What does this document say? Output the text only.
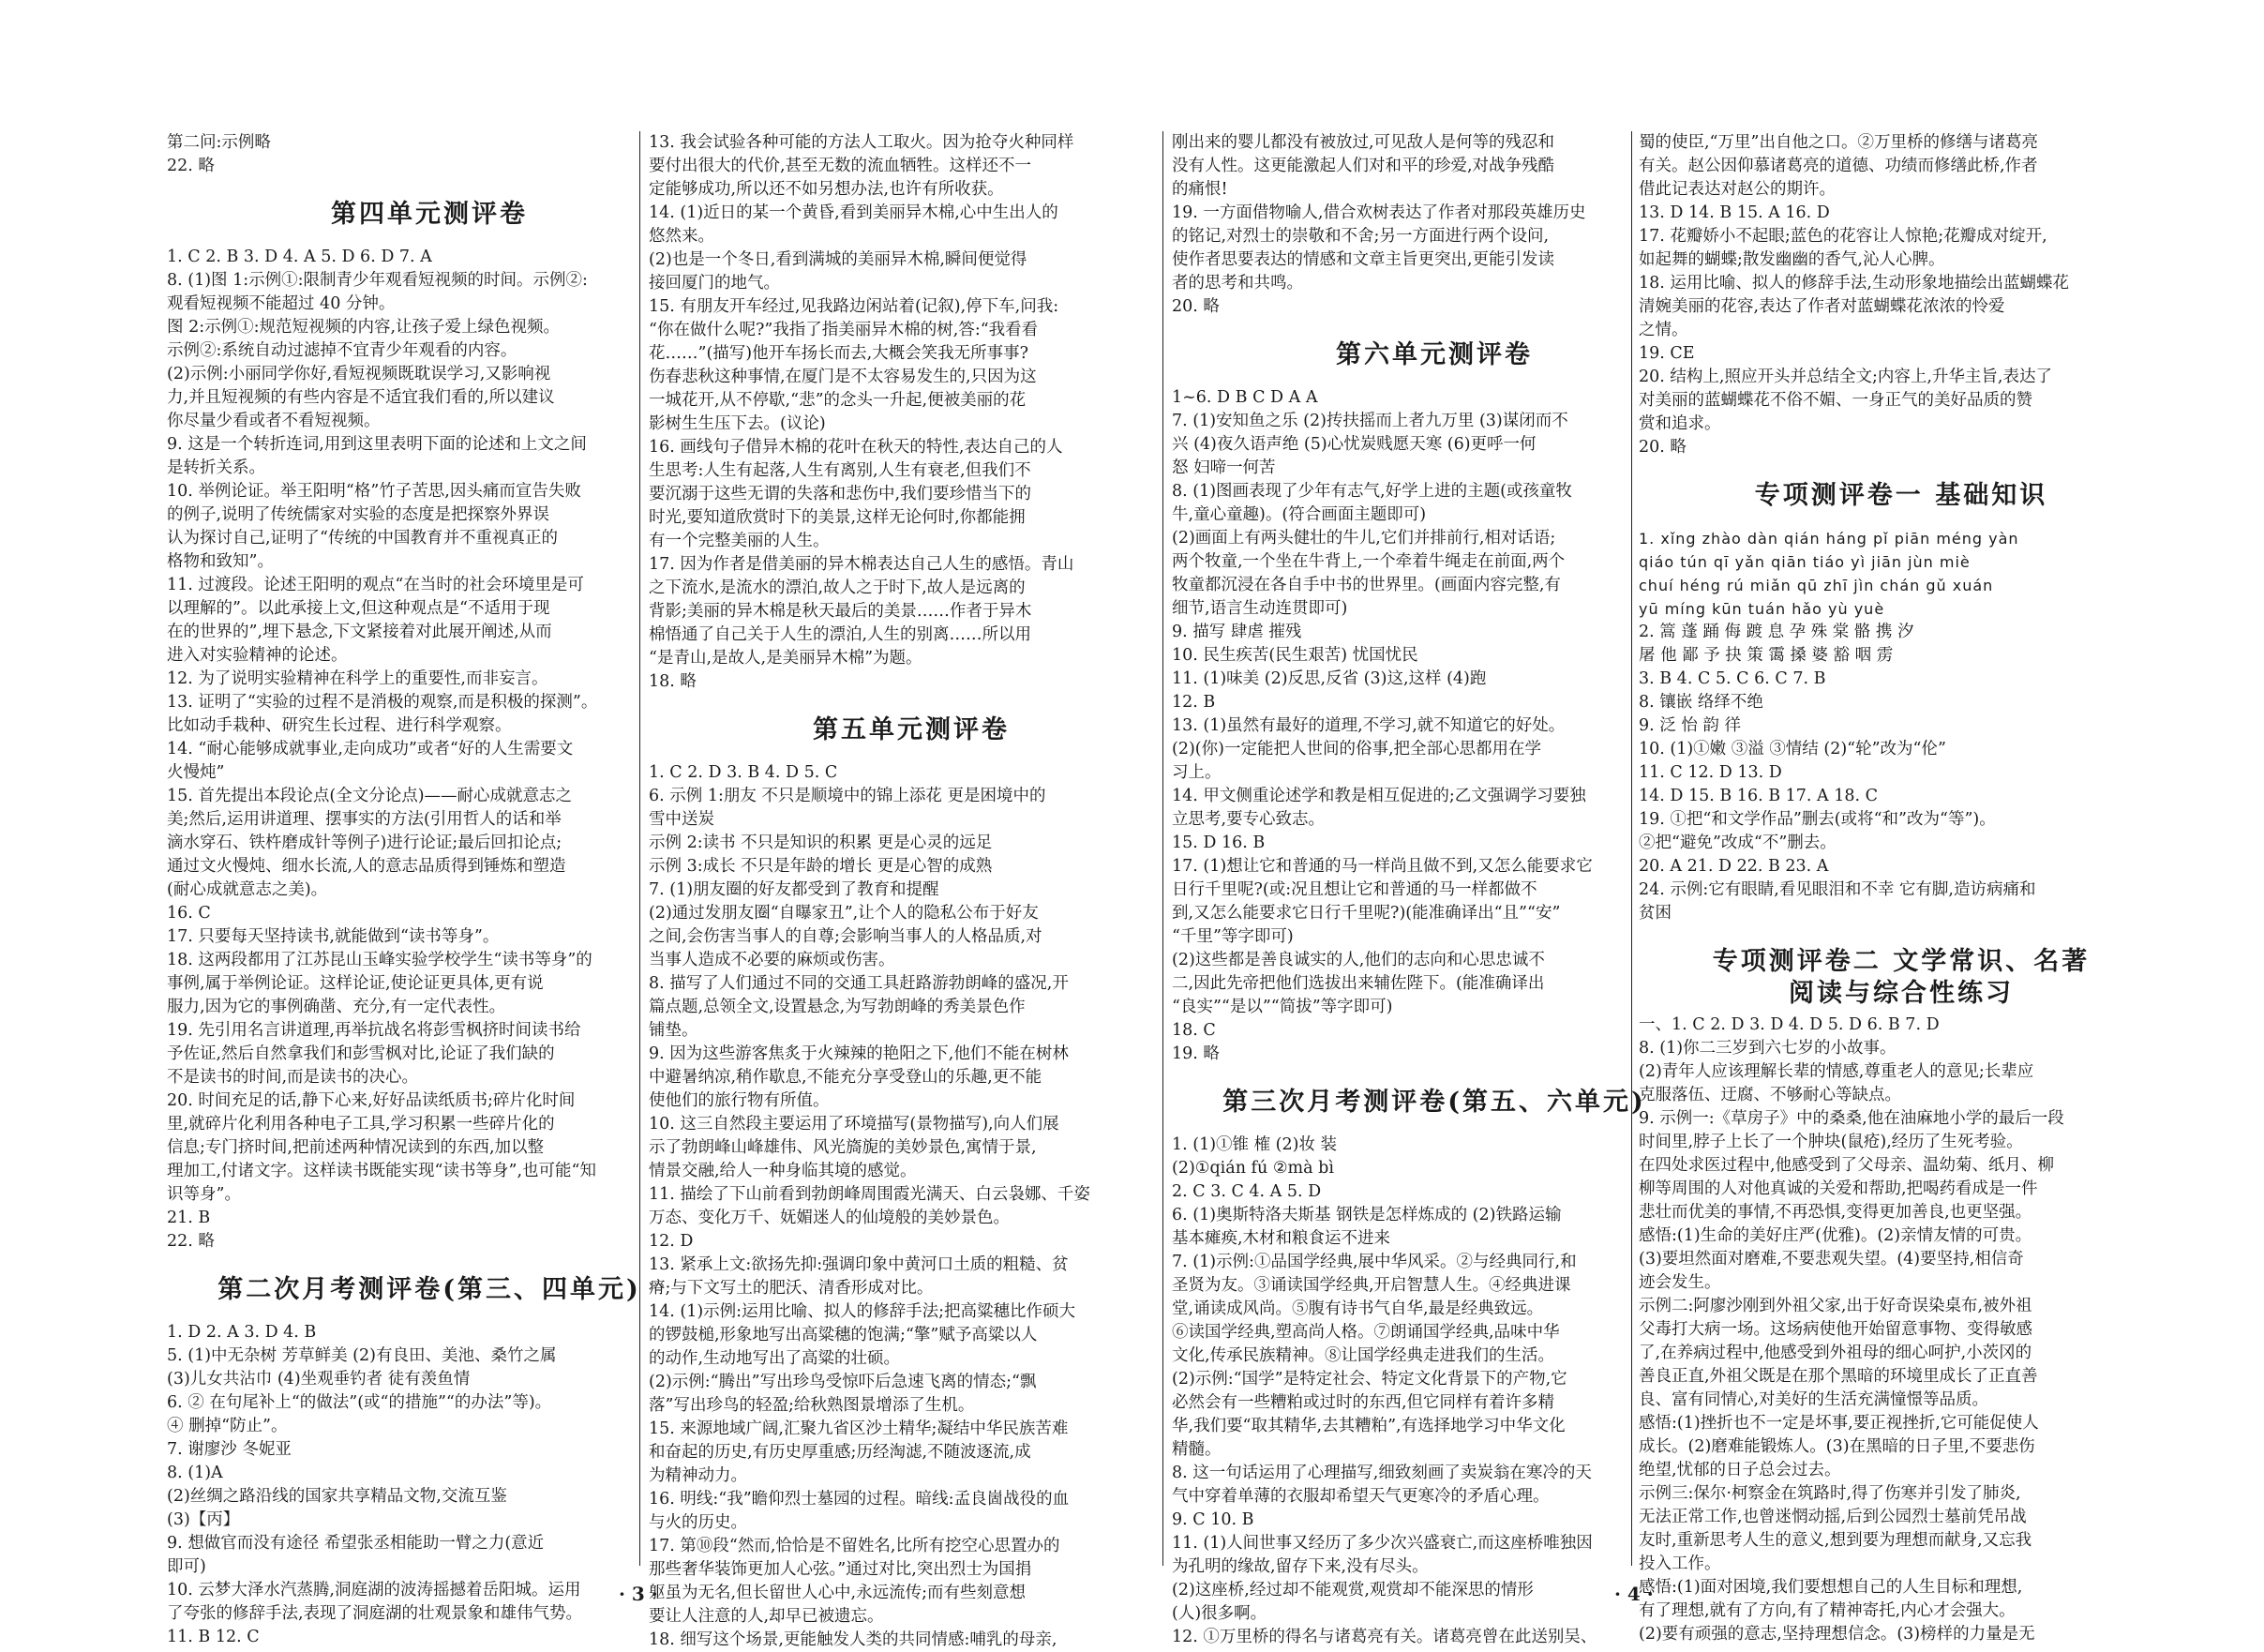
第二问:示例略
22. 略
第四单元测评卷
1. C 2. B 3. D 4. A 5. D 6. D 7. A
8. (1)图 1:示例①:限制青少年观看短视频的时间。示例②:
观看短视频不能超过 40 分钟。
图 2:示例①:规范短视频的内容,让孩子爱上绿色视频。
示例②:系统自动过滤掉不宜青少年观看的内容。
(2)示例:小丽同学你好,看短视频既耽误学习,又影响视
力,并且短视频的有些内容是不适宜我们看的,所以建议
你尽量少看或者不看短视频。
9. 这是一个转折连词,用到这里表明下面的论述和上文之间
是转折关系。
10. 举例论证。举王阳明“格”竹子苦思,因头痛而宣告失败
的例子,说明了传统儒家对实验的态度是把探察外界误
认为探讨自己,证明了“传统的中国教育并不重视真正的
格物和致知”。
11. 过渡段。论述王阳明的观点“在当时的社会环境里是可
以理解的”。以此承接上文,但这种观点是“不适用于现
在的世界的”,埋下悬念,下文紧接着对此展开阐述,从而
进入对实验精神的论述。
12. 为了说明实验精神在科学上的重要性,而非妄言。
13. 证明了“实验的过程不是消极的观察,而是积极的探测”。
比如动手栽种、研究生长过程、进行科学观察。
14. “耐心能够成就事业,走向成功”或者“好的人生需要文
火慢炖”
15. 首先提出本段论点(全文分论点)——耐心成就意志之
美;然后,运用讲道理、摆事实的方法(引用哲人的话和举
滴水穿石、铁杵磨成针等例子)进行论证;最后回扣论点;
通过文火慢炖、细水长流,人的意志品质得到锤炼和塑造
(耐心成就意志之美)。
16. C
17. 只要每天坚持读书,就能做到“读书等身”。
18. 这两段都用了江苏昆山玉峰实验学校学生“读书等身”的
事例,属于举例论证。这样论证,使论证更具体,更有说
服力,因为它的事例确凿、充分,有一定代表性。
19. 先引用名言讲道理,再举抗战名将彭雪枫挤时间读书给
予佐证,然后自然拿我们和彭雪枫对比,论证了我们缺的
不是读书的时间,而是读书的决心。
20. 时间充足的话,静下心来,好好品读纸质书;碎片化时间
里,就碎片化利用各种电子工具,学习积累一些碎片化的
信息;专门挤时间,把前述两种情况读到的东西,加以整
理加工,付诸文字。这样读书既能实现“读书等身”,也可能“知
识等身”。
21. B
22. 略
第二次月考测评卷(第三、四单元)
1. D 2. A 3. D 4. B
5. (1)中无杂树 芳草鲜美 (2)有良田、美池、桑竹之属
(3)儿女共沾巾 (4)坐观垂钓者 徒有羡鱼情
6. ② 在句尾补上“的做法”(或“的措施”“的办法”等)。
④ 删掉“防止”。
7. 谢廖沙 冬妮亚
8. (1)A
(2)丝绸之路沿线的国家共享精品文物,交流互鉴
(3)【丙】
9. 想做官而没有途径 希望张丞相能助一臂之力(意近
即可)
10. 云梦大泽水汽蒸腾,洞庭湖的波涛摇撼着岳阳城。运用
了夸张的修辞手法,表现了洞庭湖的壮观景象和雄伟气势。
11. B 12. C
13. 我会试验各种可能的方法人工取火。因为抢夺火种同样
要付出很大的代价,甚至无数的流血牺牲。这样还不一
定能够成功,所以还不如另想办法,也许有所收获。
14. (1)近日的某一个黄昏,看到美丽异木棉,心中生出人的
悠然来。
(2)也是一个冬日,看到满城的美丽异木棉,瞬间便觉得
接回厦门的地气。
15. 有朋友开车经过,见我路边闲站着(记叙),停下车,问我:
“你在做什么呢?”我指了指美丽异木棉的树,答:“我看看
花……”(描写)他开车扬长而去,大概会笑我无所事事?
伤春悲秋这种事情,在厦门是不太容易发生的,只因为这
一城花开,从不停歇,“悲”的念头一升起,便被美丽的花
影树生生压下去。(议论)
16. 画线句子借异木棉的花叶在秋天的特性,表达自己的人
生思考:人生有起落,人生有离别,人生有衰老,但我们不
要沉溺于这些无谓的失落和悲伤中,我们要珍惜当下的
时光,要知道欣赏时下的美景,这样无论何时,你都能拥
有一个完整美丽的人生。
17. 因为作者是借美丽的异木棉表达自己人生的感悟。青山
之下流水,是流水的漂泊,故人之于时下,故人是远离的
背影;美丽的异木棉是秋天最后的美景……作者于异木
棉悟通了自己关于人生的漂泊,人生的别离……所以用
“是青山,是故人,是美丽异木棉”为题。
18. 略
第五单元测评卷
1. C 2. D 3. B 4. D 5. C
6. 示例 1:朋友 不只是顺境中的锦上添花 更是困境中的
雪中送炭
示例 2:读书 不只是知识的积累 更是心灵的远足
示例 3:成长 不只是年龄的增长 更是心智的成熟
7. (1)朋友圈的好友都受到了教育和提醒
(2)通过发朋友圈“自曝家丑”,让个人的隐私公布于好友
之间,会伤害当事人的自尊;会影响当事人的人格品质,对
当事人造成不必要的麻烦或伤害。
8. 描写了人们通过不同的交通工具赶路游勃朗峰的盛况,开
篇点题,总领全文,设置悬念,为写勃朗峰的秀美景色作
铺垫。
9. 因为这些游客焦炙于火辣辣的艳阳之下,他们不能在树林
中避暑纳凉,稍作歇息,不能充分享受登山的乐趣,更不能
使他们的旅行物有所值。
10. 这三自然段主要运用了环境描写(景物描写),向人们展
示了勃朗峰山峰雄伟、风光旖旎的美妙景色,寓情于景,
情景交融,给人一种身临其境的感觉。
11. 描绘了下山前看到勃朗峰周围霞光满天、白云袅娜、千姿
万态、变化万千、妩媚迷人的仙境般的美妙景色。
12. D
13. 紧承上文:欲扬先抑:强调印象中黄河口土质的粗糙、贫
瘠;与下文写土的肥沃、清香形成对比。
14. (1)示例:运用比喻、拟人的修辞手法;把高粱穗比作硕大
的锣鼓槌,形象地写出高粱穗的饱满;“擎”赋予高粱以人
的动作,生动地写出了高粱的壮硕。
(2)示例:“腾出”写出珍鸟受惊吓后急速飞离的情态;“飘
落”写出珍鸟的轻盈;给秋熟图景增添了生机。
15. 来源地域广阔,汇聚九省区沙土精华;凝结中华民族苦难
和奋起的历史,有历史厚重感;历经淘滤,不随波逐流,成
为精神动力。
16. 明线:“我”瞻仰烈士墓园的过程。暗线:孟良崮战役的血
与火的历史。
17. 第⑩段“然而,恰恰是不留姓名,比所有挖空心思置办的
那些奢华装饰更加人心弦。”通过对比,突出烈士为国捐
躯虽为无名,但长留世人心中,永远流传;而有些刻意想
要让人注意的人,却早已被遗忘。
18. 细写这个场景,更能触发人类的共同情感:哺乳的母亲,
刚出来的婴儿都没有被放过,可见敌人是何等的残忍和
没有人性。这更能激起人们对和平的珍爱,对战争残酷
的痛恨!
19. 一方面借物喻人,借合欢树表达了作者对那段英雄历史
的铭记,对烈士的崇敬和不舍;另一方面进行两个设问,
使作者思要表达的情感和文章主旨更突出,更能引发读
者的思考和共鸣。
20. 略
第六单元测评卷
1~6. D B C D A A
7. (1)安知鱼之乐 (2)抟扶摇而上者九万里 (3)谋闭而不
兴 (4)夜久语声绝 (5)心忧炭贱愿天寒 (6)更呼一何
怒 妇啼一何苦
8. (1)图画表现了少年有志气,好学上进的主题(或孩童牧
牛,童心童趣)。(符合画面主题即可)
(2)画面上有两头健壮的牛儿,它们并排前行,相对话语;
两个牧童,一个坐在牛背上,一个牵着牛绳走在前面,两个
牧童都沉浸在各自手中书的世界里。(画面内容完整,有
细节,语言生动连贯即可)
9. 描写 肆虐 摧残
10. 民生疾苦(民生艰苦) 忧国忧民
11. (1)味美 (2)反思,反省 (3)这,这样 (4)跑
12. B
13. (1)虽然有最好的道理,不学习,就不知道它的好处。
(2)(你)一定能把人世间的俗事,把全部心思都用在学
习上。
14. 甲文侧重论述学和教是相互促进的;乙文强调学习要独
立思考,要专心致志。
15. D 16. B
17. (1)想让它和普通的马一样尚且做不到,又怎么能要求它
日行千里呢?(或:况且想让它和普通的马一样都做不
到,又怎么能要求它日行千里呢?)(能准确译出“且”“安”
“千里”等字即可)
(2)这些都是善良诚实的人,他们的志向和心思忠诚不
二,因此先帝把他们选拔出来辅佐陛下。(能准确译出
“良实”“是以”“简拔”等字即可)
18. C
19. 略
第三次月考测评卷(第五、六单元)
1. (1)①锥 榷 (2)妆 装
(2)①qián fú ②mà bì
2. C 3. C 4. A 5. D
6. (1)奥斯特洛夫斯基 钢铁是怎样炼成的 (2)铁路运输
基本瘫痪,木材和粮食运不进来
7. (1)示例:①品国学经典,展中华风采。②与经典同行,和
圣贤为友。③诵读国学经典,开启智慧人生。④经典进课
堂,诵读成风尚。⑤腹有诗书气自华,最是经典致远。
⑥读国学经典,塑高尚人格。⑦朗诵国学经典,品味中华
文化,传承民族精神。⑧让国学经典走进我们的生活。
(2)示例:“国学”是特定社会、特定文化背景下的产物,它
必然会有一些糟粕或过时的东西,但它同样有着许多精
华,我们要“取其精华,去其糟粕”,有选择地学习中华文化
精髓。
8. 这一句话运用了心理描写,细致刻画了卖炭翁在寒冷的天
气中穿着单薄的衣服却希望天气更寒冷的矛盾心理。
9. C 10. B
11. (1)人间世事又经历了多少次兴盛衰亡,而这座桥唯独因
为孔明的缘故,留存下来,没有尽头。
(2)这座桥,经过却不能观赏,观赏却不能深思的情形
(人)很多啊。
12. ①万里桥的得名与诸葛亮有关。诸葛亮曾在此送别吴、
蜀的使臣,“万里”出自他之口。②万里桥的修缮与诸葛亮
有关。赵公因仰慕诸葛亮的道德、功绩而修缮此桥,作者
借此记表达对赵公的期许。
13. D 14. B 15. A 16. D
17. 花瓣娇小不起眼;蓝色的花容让人惊艳;花瓣成对绽开,
如起舞的蝴蝶;散发幽幽的香气,沁人心脾。
18. 运用比喻、拟人的修辞手法,生动形象地描绘出蓝蝴蝶花
清婉美丽的花容,表达了作者对蓝蝴蝶花浓浓的怜爱
之情。
19. CE
20. 结构上,照应开头并总结全文;内容上,升华主旨,表达了
对美丽的蓝蝴蝶花不俗不媚、一身正气的美好品质的赞
赏和追求。
20. 略
专项测评卷一 基础知识
1. xǐng zhào dàn qián háng pǐ piān méng yàn
qiáo tún qī yǎn qiān tiáo yì jiān jùn miè
chuí héng rú miǎn qū zhī jìn chán gǔ xuán
yū míng kūn tuán hǎo yù yuè
2. 篙 蓬 踊 侮 踱 息 孕 殊 棠 骼 携 汐
屠 他 鄙 予 抉 策 霭 搡 婆 豁 咽 雳
3. B 4. C 5. C 6. C 7. B
8. 镶嵌 络绎不绝
9. 泛 怡 韵 徉
10. (1)①嫩 ③溢 ③情结 (2)“轮”改为“伦”
11. C 12. D 13. D
14. D 15. B 16. B 17. A 18. C
19. ①把“和文学作品”删去(或将“和”改为“等”)。
②把“避免”改成“不”删去。
20. A 21. D 22. B 23. A
24. 示例:它有眼睛,看见眼泪和不幸 它有脚,造访病痛和
贫困
专项测评卷二 文学常识、名著
阅读与综合性练习
一、1. C 2. D 3. D 4. D 5. D 6. B 7. D
8. (1)你二三岁到六七岁的小故事。
(2)青年人应该理解长辈的情感,尊重老人的意见;长辈应
克服落伍、迂腐、不够耐心等缺点。
9. 示例一:《草房子》中的桑桑,他在油麻地小学的最后一段
时间里,脖子上长了一个肿块(鼠疮),经历了生死考验。
在四处求医过程中,他感受到了父母亲、温幼菊、纸月、柳
柳等周围的人对他真诚的关爱和帮助,把喝药看成是一件
悲壮而优美的事情,不再恐惧,变得更加善良,也更坚强。
感悟:(1)生命的美好庄严(优雅)。(2)亲情友情的可贵。
(3)要坦然面对磨难,不要悲观失望。(4)要坚持,相信奇
迹会发生。
示例二:阿廖沙刚到外祖父家,出于好奇误染桌布,被外祖
父毒打大病一场。这场病使他开始留意事物、变得敏感
了,在养病过程中,他感受到外祖母的细心呵护,小茨冈的
善良正直,外祖父既是在那个黑暗的环境里成长了正直善
良、富有同情心,对美好的生活充满憧憬等品质。
感悟:(1)挫折也不一定是坏事,要正视挫折,它可能促使人
成长。(2)磨难能锻炼人。(3)在黑暗的日子里,不要悲伤
绝望,忧郁的日子总会过去。
示例三:保尔·柯察金在筑路时,得了伤寒并引发了肺炎,
无法正常工作,也曾迷惘动摇,后到公园烈士墓前凭吊战
友时,重新思考人生的意义,想到要为理想而献身,又忘我
投入工作。
感悟:(1)面对困境,我们要想想自己的人生目标和理想,
有了理想,就有了方向,有了精神寄托,内心才会强大。
(2)要有顽强的意志,坚持理想信念。(3)榜样的力量是无
· 3 ·	· 4 ·
